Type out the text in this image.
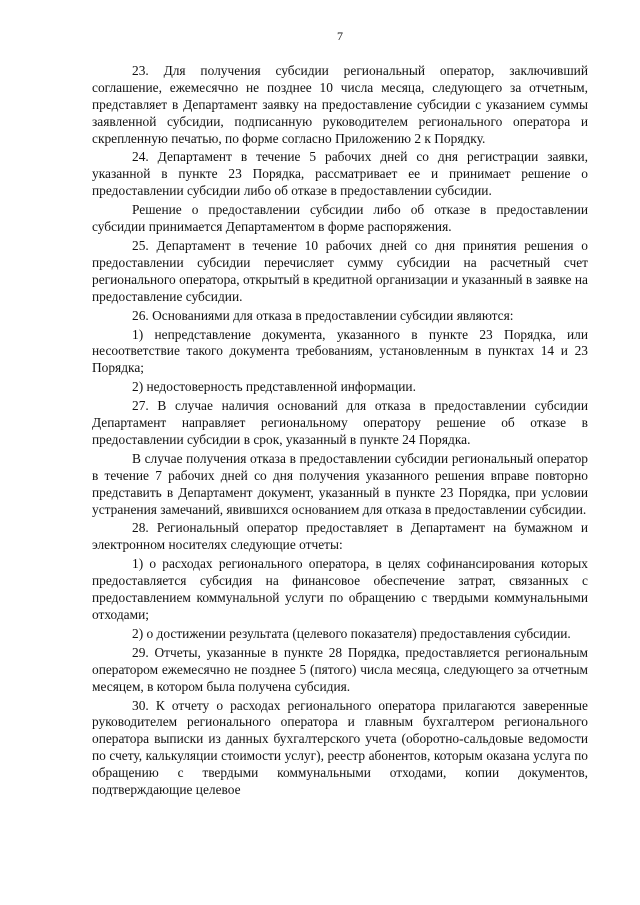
7

23. Для получения субсидии региональный оператор, заключивший соглашение, ежемесячно не позднее 10 числа месяца, следующего за отчетным, представляет в Департамент заявку на предоставление субсидии с указанием суммы заявленной субсидии, подписанную руководителем регионального оператора и скрепленную печатью, по форме согласно Приложению 2 к Порядку.

24. Департамент в течение 5 рабочих дней со дня регистрации заявки, указанной в пункте 23 Порядка, рассматривает ее и принимает решение о предоставлении субсидии либо об отказе в предоставлении субсидии.

Решение о предоставлении субсидии либо об отказе в предоставлении субсидии принимается Департаментом в форме распоряжения.

25. Департамент в течение 10 рабочих дней со дня принятия решения о предоставлении субсидии перечисляет сумму субсидии на расчетный счет регионального оператора, открытый в кредитной организации и указанный в заявке на предоставление субсидии.

26. Основаниями для отказа в предоставлении субсидии являются:

1) непредставление документа, указанного в пункте 23 Порядка, или несоответствие такого документа требованиям, установленным в пунктах 14 и 23 Порядка;

2) недостоверность представленной информации.

27. В случае наличия оснований для отказа в предоставлении субсидии Департамент направляет региональному оператору решение об отказе в предоставлении субсидии в срок, указанный в пункте 24 Порядка.

В случае получения отказа в предоставлении субсидии региональный оператор в течение 7 рабочих дней со дня получения указанного решения вправе повторно представить в Департамент документ, указанный в пункте 23 Порядка, при условии устранения замечаний, явившихся основанием для отказа в предоставлении субсидии.

28. Региональный оператор предоставляет в Департамент на бумажном и электронном носителях следующие отчеты:

1) о расходах регионального оператора, в целях софинансирования которых предоставляется субсидия на финансовое обеспечение затрат, связанных с предоставлением коммунальной услуги по обращению с твердыми коммунальными отходами;

2) о достижении результата (целевого показателя) предоставления субсидии.

29. Отчеты, указанные в пункте 28 Порядка, предоставляется региональным оператором ежемесячно не позднее 5 (пятого) числа месяца, следующего за отчетным месяцем, в котором была получена субсидия.

30. К отчету о расходах регионального оператора прилагаются заверенные руководителем регионального оператора и главным бухгалтером регионального оператора выписки из данных бухгалтерского учета (оборотно-сальдовые ведомости по счету, калькуляции стоимости услуг), реестр абонентов, которым оказана услуга по обращению с твердыми коммунальными отходами, копии документов, подтверждающие целевое
